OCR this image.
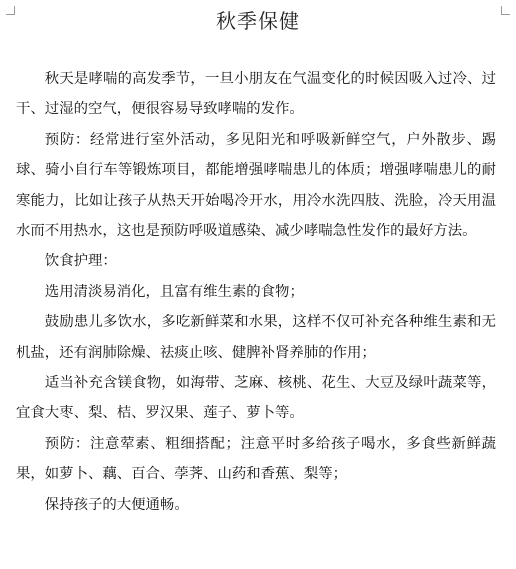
秋季保健

秋天是哮喘的高发季节，一旦小朋友在气温变化的时候因吸入过冷、过干、过湿的空气，便很容易导致哮喘的发作。

预防：经常进行室外活动，多见阳光和呼吸新鲜空气，户外散步、踢球、骑小自行车等锻炼项目，都能增强哮喘患儿的体质；增强哮喘患儿的耐寒能力，比如让孩子从热天开始喝冷开水，用冷水洗四肢、洗脸，冷天用温水而不用热水，这也是预防呼吸道感染、减少哮喘急性发作的最好方法。

饮食护理：

选用清淡易消化，且富有维生素的食物；

鼓励患儿多饮水，多吃新鲜菜和水果，这样不仅可补充各种维生素和无机盐，还有润肺除燥、祛痰止咳、健脾补肾养肺的作用；

适当补充含镁食物，如海带、芝麻、核桃、花生、大豆及绿叶蔬菜等，宜食大枣、梨、桔、罗汉果、莲子、萝卜等。

预防：注意荤素、粗细搭配；注意平时多给孩子喝水，多食些新鲜蔬果，如萝卜、藕、百合、荸荠、山药和香蕉、梨等；

保持孩子的大便通畅。
